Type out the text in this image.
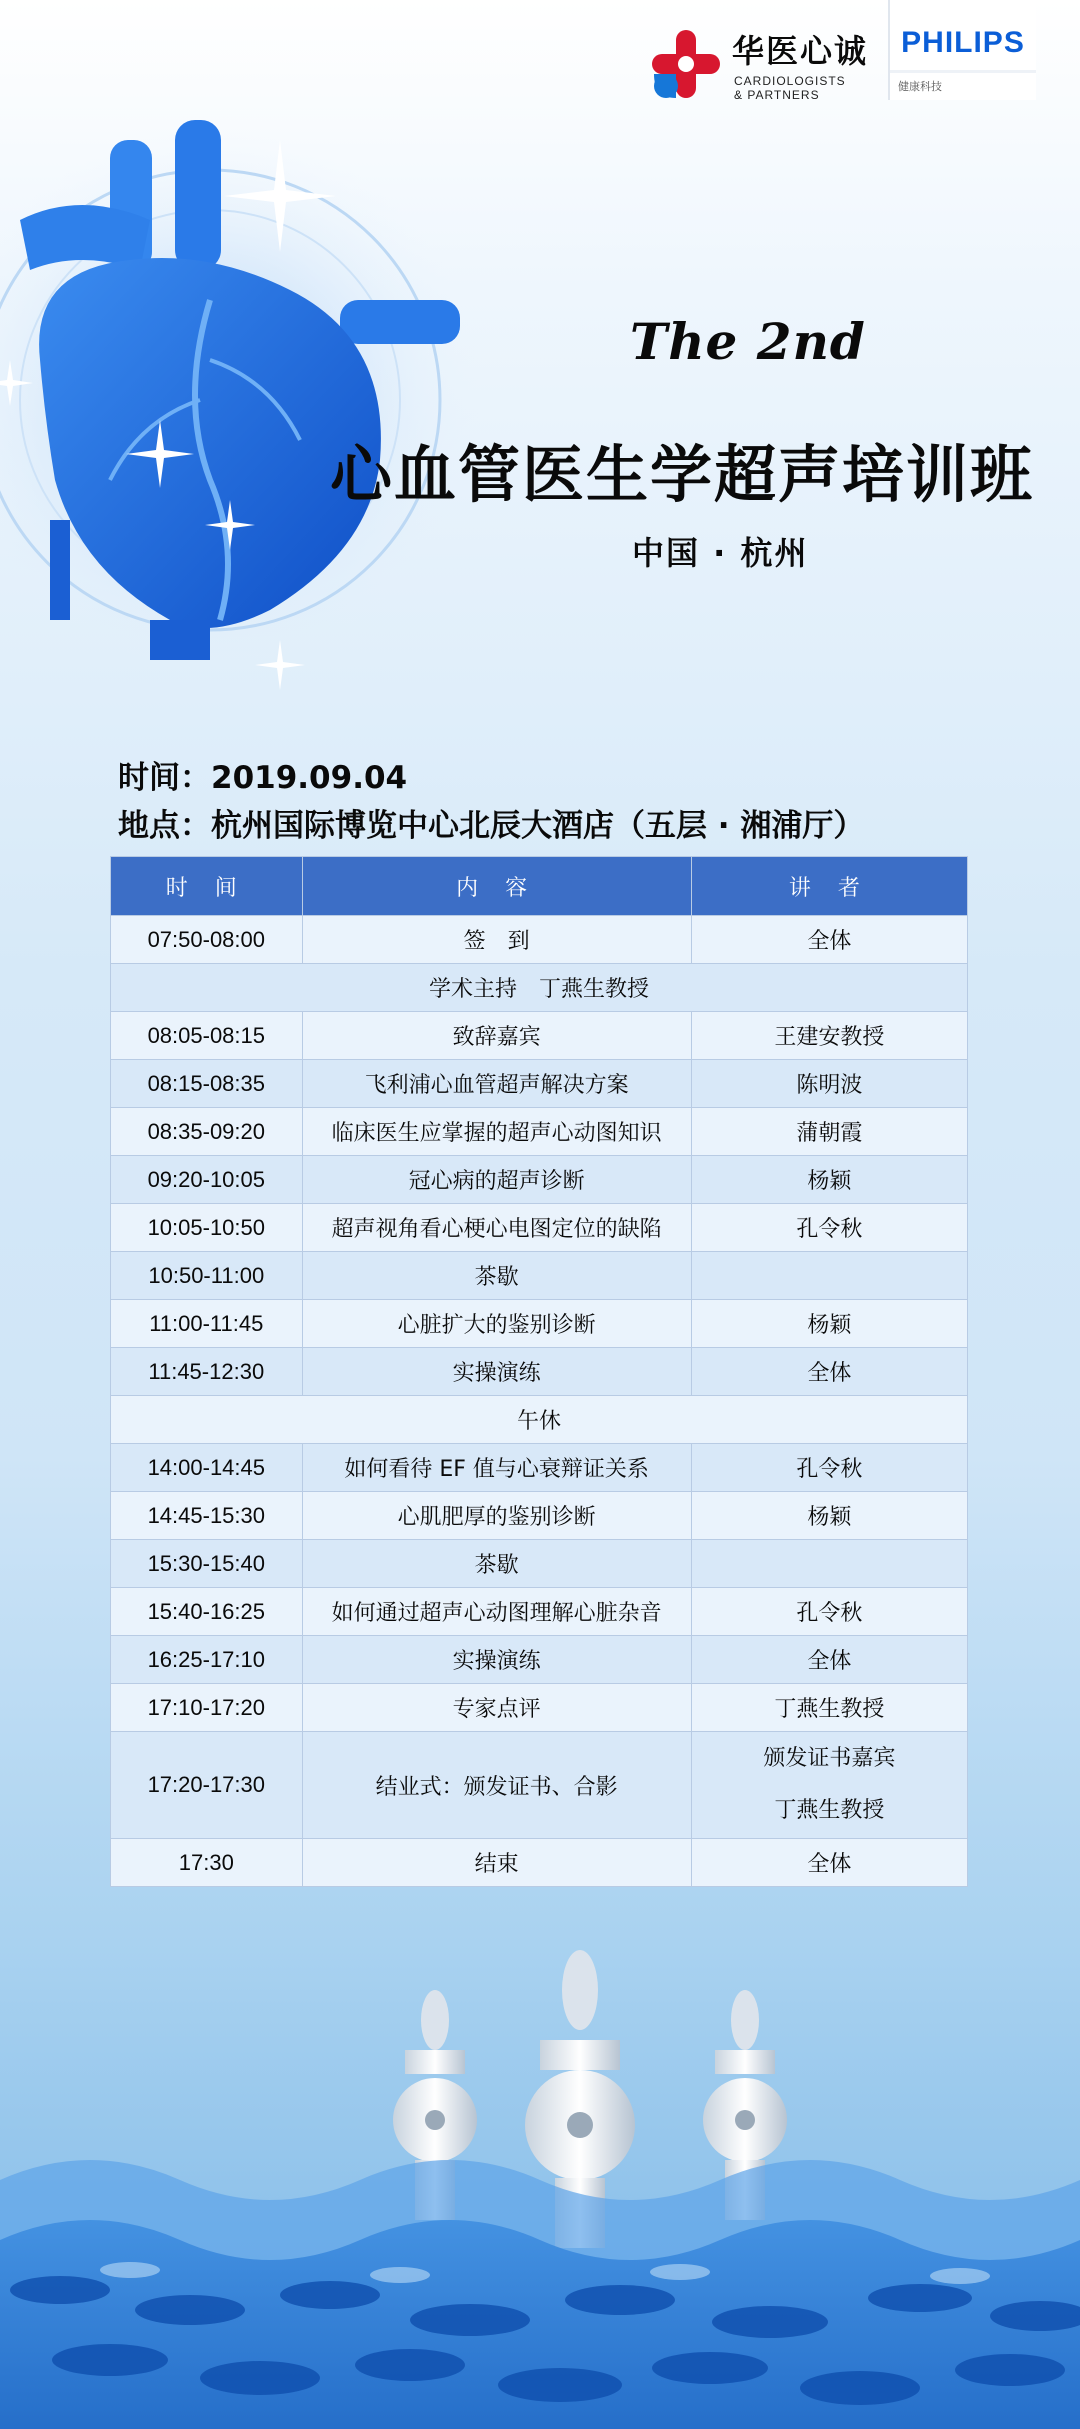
华医心诚
CARDIOLOGISTS
& PARTNERS
PHILIPS
健康科技
The 2nd
心血管医生学超声培训班
中国 · 杭州
时间：2019.09.04
地点：杭州国际博览中心北辰大酒店（五层 · 湘浦厅）
时 间	内 容	讲 者
07:50-08:00	签　到	全体
学术主持　丁燕生教授		
08:05-08:15	致辞嘉宾	王建安教授
08:15-08:35	飞利浦心血管超声解决方案	陈明波
08:35-09:20	临床医生应掌握的超声心动图知识	蒲朝霞
09:20-10:05	冠心病的超声诊断	杨颖
10:05-10:50	超声视角看心梗心电图定位的缺陷	孔令秋
10:50-11:00	茶歇	
11:00-11:45	心脏扩大的鉴别诊断	杨颖
11:45-12:30	实操演练	全体
午休		
14:00-14:45	如何看待 EF 值与心衰辩证关系	孔令秋
14:45-15:30	心肌肥厚的鉴别诊断	杨颖
15:30-15:40	茶歇	
15:40-16:25	如何通过超声心动图理解心脏杂音	孔令秋
16:25-17:10	实操演练	全体
17:10-17:20	专家点评	丁燕生教授
17:20-17:30	结业式：颁发证书、合影	颁发证书嘉宾
丁燕生教授

17:30	结束	全体
